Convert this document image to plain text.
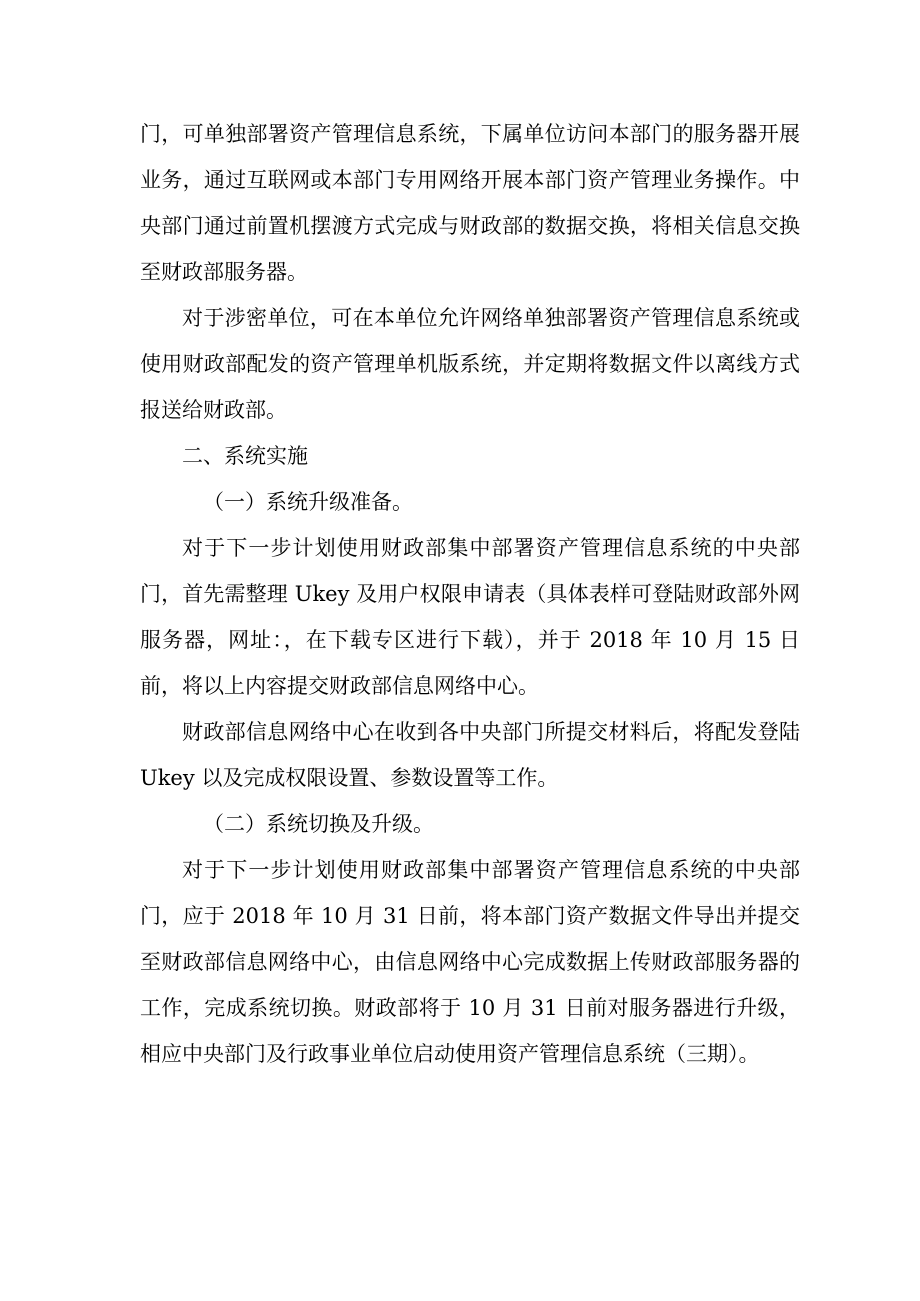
门，可单独部署资产管理信息系统，下属单位访问本部门的服务器开展业务，通过互联网或本部门专用网络开展本部门资产管理业务操作。中央部门通过前置机摆渡方式完成与财政部的数据交换，将相关信息交换至财政部服务器。

对于涉密单位，可在本单位允许网络单独部署资产管理信息系统或使用财政部配发的资产管理单机版系统，并定期将数据文件以离线方式报送给财政部。

二、系统实施

（一）系统升级准备。

对于下一步计划使用财政部集中部署资产管理信息系统的中央部门，首先需整理 Ukey 及用户权限申请表（具体表样可登陆财政部外网服务器，网址：，在下载专区进行下载），并于 2018 年 10 月 15 日前，将以上内容提交财政部信息网络中心。

财政部信息网络中心在收到各中央部门所提交材料后，将配发登陆 Ukey 以及完成权限设置、参数设置等工作。

（二）系统切换及升级。

对于下一步计划使用财政部集中部署资产管理信息系统的中央部门，应于 2018 年 10 月 31 日前，将本部门资产数据文件导出并提交至财政部信息网络中心，由信息网络中心完成数据上传财政部服务器的工作，完成系统切换。财政部将于 10 月 31 日前对服务器进行升级，相应中央部门及行政事业单位启动使用资产管理信息系统（三期）。
